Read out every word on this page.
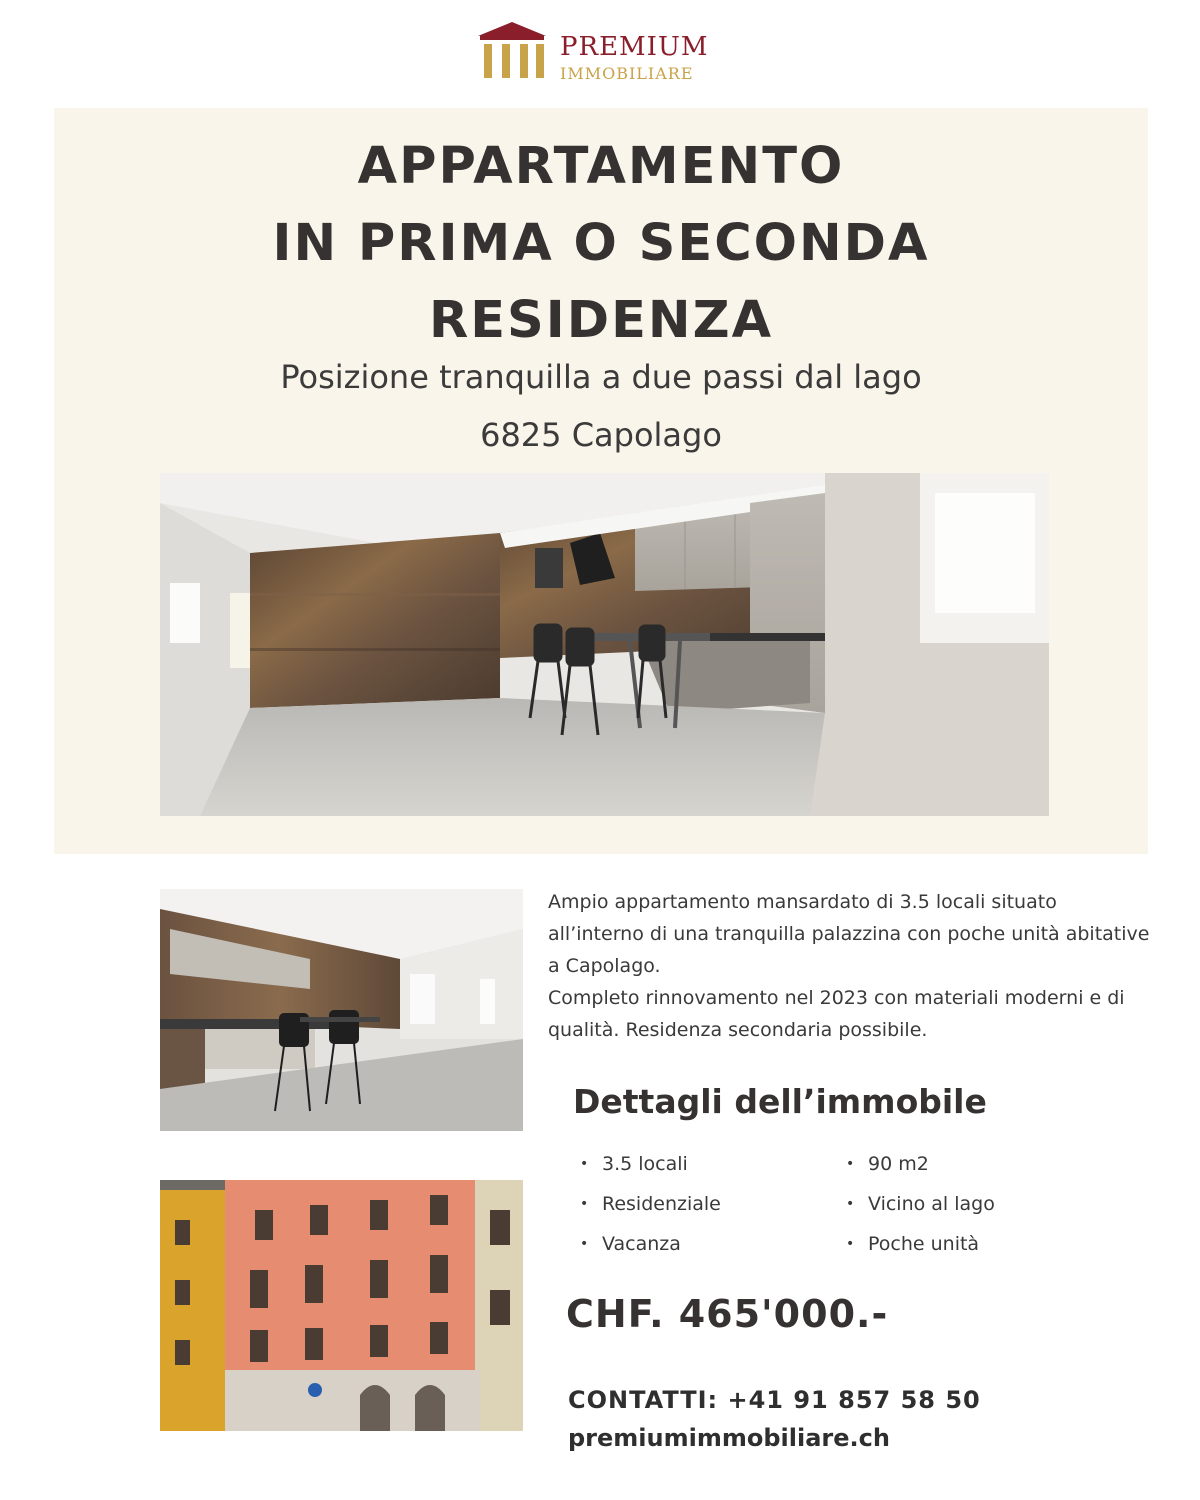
PREMIUM
IMMOBILIARE
APPARTAMENTO
IN PRIMA O SECONDA
RESIDENZA
Posizione tranquilla a due passi dal lago
6825 Capolago

Ampio appartamento mansardato di 3.5 locali situato all’interno di una tranquilla palazzina con poche unità abitative a Capolago.

Completo rinnovamento nel 2023 con materiali moderni e di qualità. Residenza secondaria possibile.

Dettagli dell’immobile
• 3.5 locali
• Residenziale
• Vacanza
• 90 m2
• Vicino al lago
• Poche unità
CHF. 465'000.-
CONTATTI: +41 91 857 58 50
premiumimmobiliare.ch
